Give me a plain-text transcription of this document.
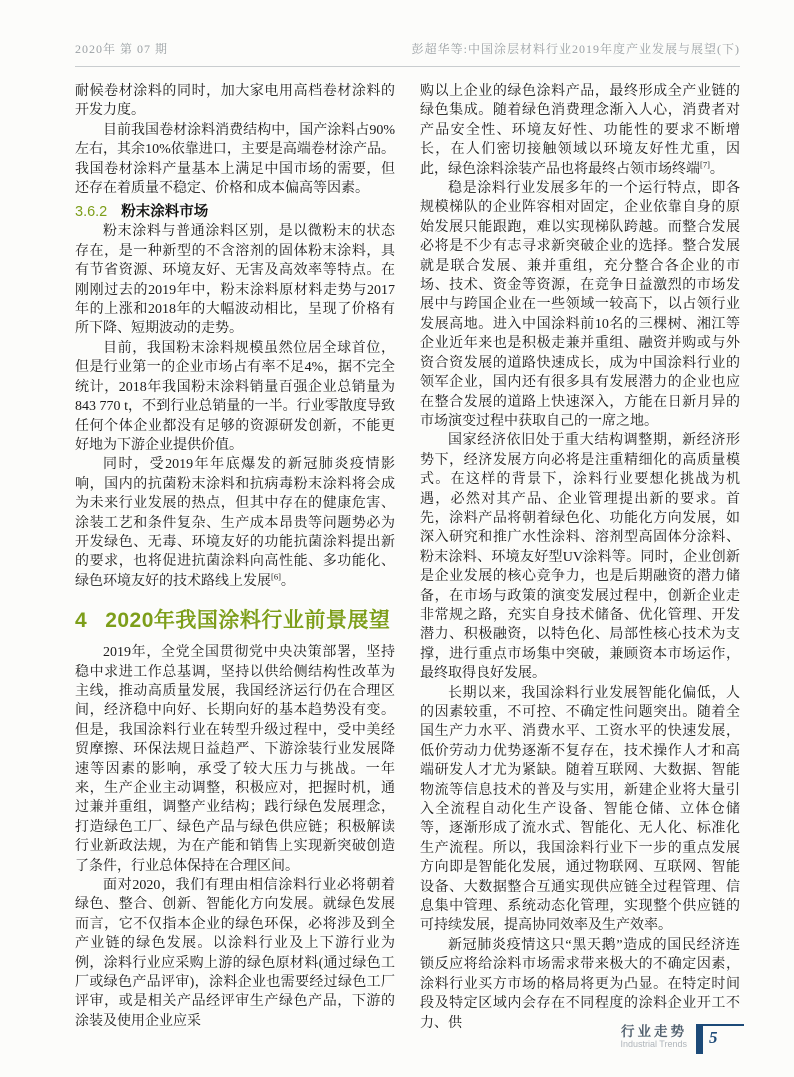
2020年 第 07 期	彭超华等:中国涂层材料行业2019年度产业发展与展望(下)

耐候卷材涂料的同时，加大家电用高档卷材涂料的开发力度。

目前我国卷材涂料消费结构中，国产涂料占90%左右，其余10%依靠进口，主要是高端卷材涂产品。我国卷材涂料产量基本上满足中国市场的需要，但还存在着质量不稳定、价格和成本偏高等因素。

3.6.2 粉末涂料市场

粉末涂料与普通涂料区别，是以微粉末的状态存在，是一种新型的不含溶剂的固体粉末涂料，具有节省资源、环境友好、无害及高效率等特点。在刚刚过去的2019年中，粉末涂料原材料走势与2017年的上涨和2018年的大幅波动相比，呈现了价格有所下降、短期波动的走势。

目前，我国粉末涂料规模虽然位居全球首位，但是行业第一的企业市场占有率不足4%，据不完全统计，2018年我国粉末涂料销量百强企业总销量为843 770 t，不到行业总销量的一半。行业零散度导致任何个体企业都没有足够的资源研发创新，不能更好地为下游企业提供价值。

同时，受2019年年底爆发的新冠肺炎疫情影响，国内的抗菌粉末涂料和抗病毒粉末涂料将会成为未来行业发展的热点，但其中存在的健康危害、涂装工艺和条件复杂、生产成本昂贵等问题势必为开发绿色、无毒、环境友好的功能抗菌涂料提出新的要求，也将促进抗菌涂料向高性能、多功能化、绿色环境友好的技术路线上发展[6]。

4 2020年我国涂料行业前景展望

2019年，全党全国贯彻党中央决策部署，坚持稳中求进工作总基调，坚持以供给侧结构性改革为主线，推动高质量发展，我国经济运行仍在合理区间，经济稳中向好、长期向好的基本趋势没有变。但是，我国涂料行业在转型升级过程中，受中美经贸摩擦、环保法规日益趋严、下游涂装行业发展降速等因素的影响，承受了较大压力与挑战。一年来，生产企业主动调整，积极应对，把握时机，通过兼并重组，调整产业结构；践行绿色发展理念，打造绿色工厂、绿色产品与绿色供应链；积极解读行业新政法规，为在产能和销售上实现新突破创造了条件，行业总体保持在合理区间。

面对2020，我们有理由相信涂料行业必将朝着绿色、整合、创新、智能化方向发展。就绿色发展而言，它不仅指本企业的绿色环保，必将涉及到全产业链的绿色发展。以涂料行业及上下游行业为例，涂料行业应采购上游的绿色原材料(通过绿色工厂或绿色产品评审)，涂料企业也需要经过绿色工厂评审，或是相关产品经评审生产绿色产品，下游的涂装及使用企业应采

购以上企业的绿色涂料产品，最终形成全产业链的绿色集成。随着绿色消费理念渐入人心，消费者对产品安全性、环境友好性、功能性的要求不断增长，在人们密切接触领域以环境友好性尤重，因此，绿色涂料涂装产品也将最终占领市场终端[7]。

稳是涂料行业发展多年的一个运行特点，即各规模梯队的企业阵容相对固定，企业依靠自身的原始发展只能跟跑，难以实现梯队跨越。而整合发展必将是不少有志寻求新突破企业的选择。整合发展就是联合发展、兼并重组，充分整合各企业的市场、技术、资金等资源，在竞争日益激烈的市场发展中与跨国企业在一些领域一较高下，以占领行业发展高地。进入中国涂料前10名的三棵树、湘江等企业近年来也是积极走兼并重组、融资并购或与外资合资发展的道路快速成长，成为中国涂料行业的领军企业，国内还有很多具有发展潜力的企业也应在整合发展的道路上快速深入，方能在日新月异的市场演变过程中获取自己的一席之地。

国家经济依旧处于重大结构调整期，新经济形势下，经济发展方向必将是注重精细化的高质量模式。在这样的背景下，涂料行业要想化挑战为机遇，必然对其产品、企业管理提出新的要求。首先，涂料产品将朝着绿色化、功能化方向发展，如深入研究和推广水性涂料、溶剂型高固体分涂料、粉末涂料、环境友好型UV涂料等。同时，企业创新是企业发展的核心竞争力，也是后期融资的潜力储备，在市场与政策的演变发展过程中，创新企业走非常规之路，充实自身技术储备、优化管理、开发潜力、积极融资，以特色化、局部性核心技术为支撑，进行重点市场集中突破，兼顾资本市场运作，最终取得良好发展。

长期以来，我国涂料行业发展智能化偏低，人的因素较重，不可控、不确定性问题突出。随着全国生产力水平、消费水平、工资水平的快速发展，低价劳动力优势逐渐不复存在，技术操作人才和高端研发人才尤为紧缺。随着互联网、大数据、智能物流等信息技术的普及与实用，新建企业将大量引入全流程自动化生产设备、智能仓储、立体仓储等，逐渐形成了流水式、智能化、无人化、标准化生产流程。所以，我国涂料行业下一步的重点发展方向即是智能化发展，通过物联网、互联网、智能设备、大数据整合互通实现供应链全过程管理、信息集中管理、系统动态化管理，实现整个供应链的可持续发展，提高协同效率及生产效率。

新冠肺炎疫情这只“黑天鹅”造成的国民经济连锁反应将给涂料市场需求带来极大的不确定因素，涂料行业买方市场的格局将更为凸显。在特定时间段及特定区域内会存在不同程度的涂料企业开工不力、供

行业走势
Industrial Trends	5
